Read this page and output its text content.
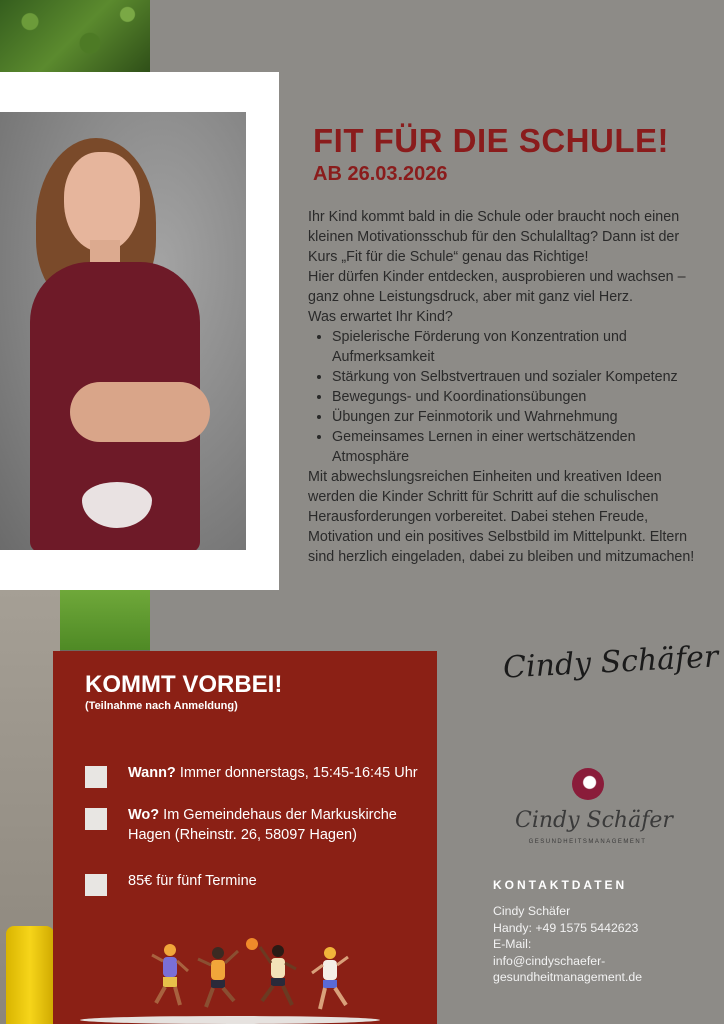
FIT FÜR DIE SCHULE!
AB 26.03.2026

Ihr Kind kommt bald in die Schule oder braucht noch einen kleinen Motivationsschub für den Schulalltag? Dann ist der Kurs „Fit für die Schule“ genau das Richtige!

Hier dürfen Kinder entdecken, ausprobieren und wachsen – ganz ohne Leistungsdruck, aber mit ganz viel Herz.

Was erwartet Ihr Kind?

• Spielerische Förderung von Konzentration und Aufmerksamkeit
• Stärkung von Selbstvertrauen und sozialer Kompetenz
• Bewegungs- und Koordinationsübungen
• Übungen zur Feinmotorik und Wahrnehmung
• Gemeinsames Lernen in einer wertschätzenden Atmosphäre

Mit abwechslungsreichen Einheiten und kreativen Ideen werden die Kinder Schritt für Schritt auf die schulischen Herausforderungen vorbereitet. Dabei stehen Freude, Motivation und ein positives Selbstbild im Mittelpunkt. Eltern sind herzlich eingeladen, dabei zu bleiben und mitzumachen!

Cindy Schäfer
Cindy Schäfer
GESUNDHEITSMANAGEMENT
KONTAKTDATEN
Cindy Schäfer
Handy: +49 1575 5442623
E-Mail:
info@cindyschaefer-
gesundheitmanagement.de
KOMMT VORBEI!
(Teilnahme nach Anmeldung)
Wann? Immer donnerstags, 15:45-16:45 Uhr
Wo? Im Gemeindehaus der Markuskirche Hagen (Rheinstr. 26, 58097 Hagen)
85€ für fünf Termine
